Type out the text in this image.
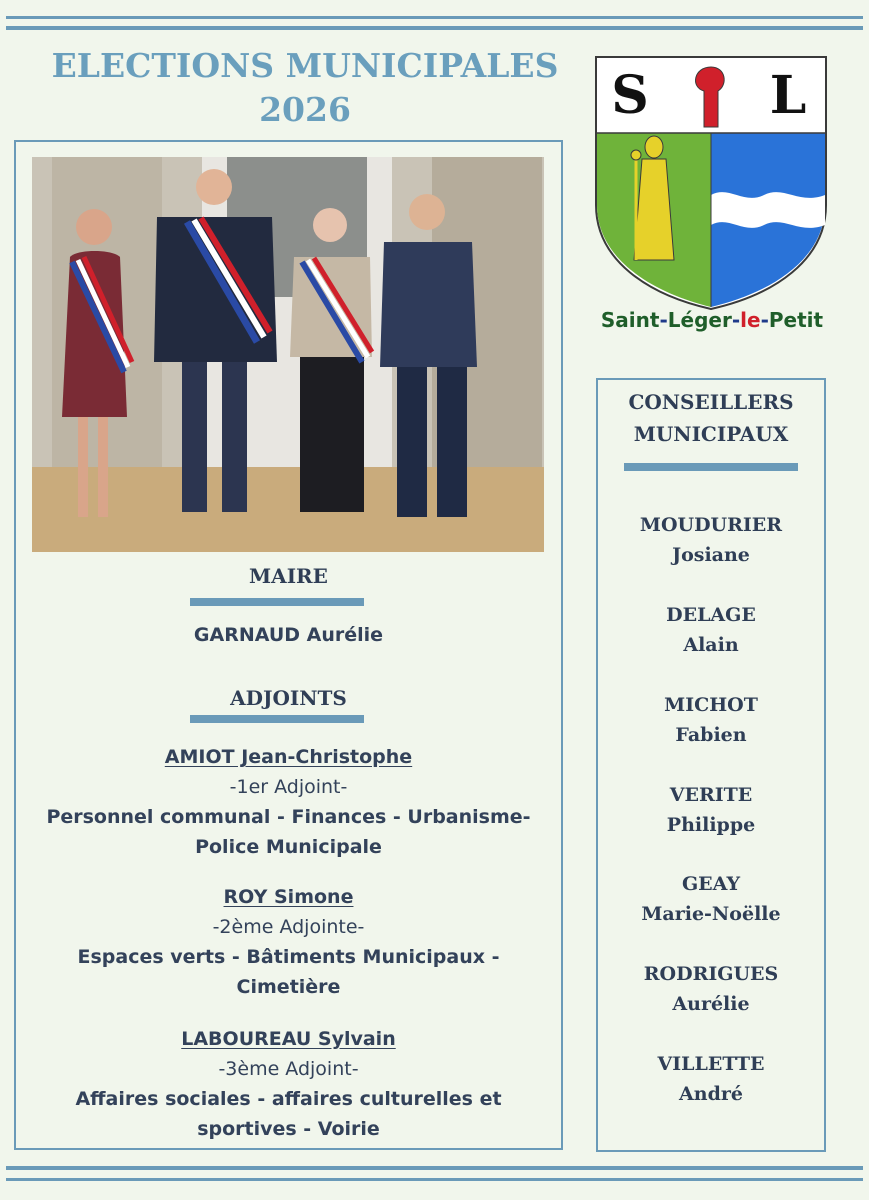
ELECTIONS MUNICIPALES
2026	S L
Saint-Léger-le-Petit
MAIRE
GARNAUD Aurélie
ADJOINTS
AMIOT Jean-Christophe
-1er Adjoint-
Personnel communal - Finances - Urbanisme-
Police Municipale
ROY Simone
-2ème Adjointe-
Espaces verts - Bâtiments Municipaux -
Cimetière
LABOUREAU Sylvain
-3ème Adjoint-
Affaires sociales - affaires culturelles et
sportives - Voirie
CONSEILLERS
MUNICIPAUX
MOUDURIER
Josiane
DELAGE
Alain
MICHOT
Fabien
VERITE
Philippe
GEAY
Marie-Noëlle
RODRIGUES
Aurélie
VILLETTE
André
